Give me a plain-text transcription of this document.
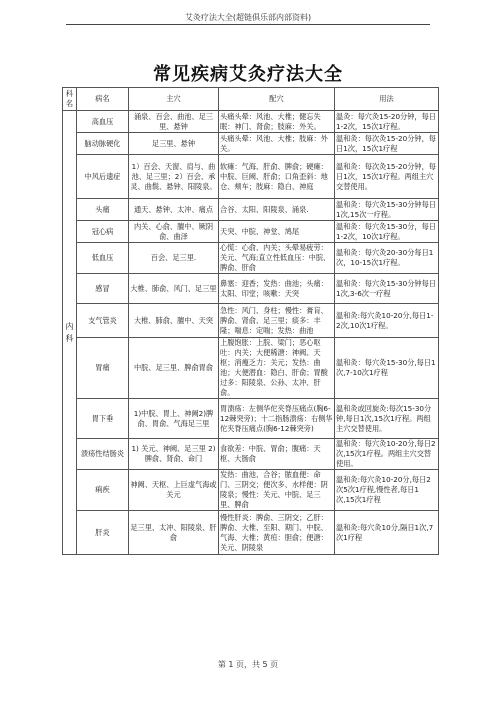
艾灸疗法大全(超链俱乐部内部资料)
常见疾病艾灸疗法大全
科名	病名	主穴	配穴	用法
内科	高血压	涌泉、百会、曲池、足三里、悬钟	头痛头晕：风池、大椎；健忘失眠：神门、肾俞；肢麻：外关。	温灸：每穴灸15-20分钟，每日1-2次，15次1疗程。
	脑动脉硬化	足三里、悬钟	头痛头晕：风池、大椎；肢麻：外关。	温和灸：每次灸15-20分钟，每日1次，15次1疗程
	中风后遗症	1）百会、天窗、肩与、曲池、足三里；2）百会、承灵、曲鬓、悬钟、阳陵泉。	软瘫：气海、肝俞、脾俞；硬瘫：中脘、巨阙、肝俞；口角歪斜：地仓、颊车；肢麻：隐白、神庭	温和灸：每次灸15-20分钟，每日1次，15次1疗程。两组主穴交替使用。
	头痛	通天、悬钟、太冲、痛点	合谷、太阳、阳陵泉、涌泉.	温和灸：每穴灸15-30分钟每日1次,15次一疗程。
	冠心病	内关、心俞、膻中、厥阴俞、曲泽	天突、中脘、神堂、鸠尾	温和灸：每穴灸15-30分，每日1-2次，10次1疗程。
	低血压	百会、足三里.	心慌：心俞、内关；头晕易疲劳：关元、气海;直立性低血压：中脘、脾俞、肝俞	温和灸：每穴灸20-30分每日1次，10-15次1疗程。
	感冒	大椎、肺俞、风门、足三里	鼻塞：迎香；发热：曲池；头痛：太阳、印堂；咳嗽：天突	温和灸：每穴灸15-30分钟每日1次,3-6次一疗程
	支气管炎	大椎、肺俞、膻中、天突	急性：风门、身柱；慢性：膏肓、脾俞、肾俞、足三里；痰多：丰隆；喘息：定喘；发热：曲池	温和灸:每穴灸10-20分,每日1-2次,10次1疗程。
	胃痛	中脘、足三里、脾俞胃俞	上腹饱胀：上脘、梁门；恶心呕吐：内关；大便稀溏：神阙、天枢；消瘦乏力：关元；发热：曲池；大便潜血：隐白、肝俞；胃酸过多：阳陵泉、公孙、太冲、肝俞。	温和灸：每穴灸15-30分,每日1次,7-10次1疗程
	胃下垂	1)中脘、胃上、神阙2)脾俞、胃俞、气海足三里	胃溃疡：左侧华佗夹脊压痛点(胸6-12棘突旁)；十二指肠溃疡：右侧华佗夹脊压痛点(胸6-12棘突旁)	温和灸或回旋灸:每次15-30分钟,每日1次,15次1疗程。两组主穴交替使用。
	溃疡性结肠炎	1) 关元、神阙、足三里 2)脾俞、肾俞、命门	食欲差：中脘、胃俞；腹痛：天枢、大肠俞	温和灸：每穴灸10-20分,每日2次,15次1疗程。两组主穴交替使用。
	痢疾	神阙、天枢、上巨虚气海或关元	发热：曲池、合谷；脓血便：命门、三阴交；便次多、水样便：阴陵泉；慢性：关元、中脘、足三里、脾俞	温和灸:每穴灸10-20分,每日2次5次1疗程,慢性者,每日1次,15次1疗程
	肝炎	足三里、太冲、阳陵泉、肝俞	慢性肝炎：脾俞、三阴交；乙肝：脾俞、大椎、至阳、期门、中脘、气海、大椎；黄疸：胆俞；便溏：关元、阴陵泉	温和灸:每穴灸10分,隔日1次,7次1疗程
第 1 页，共 5 页
